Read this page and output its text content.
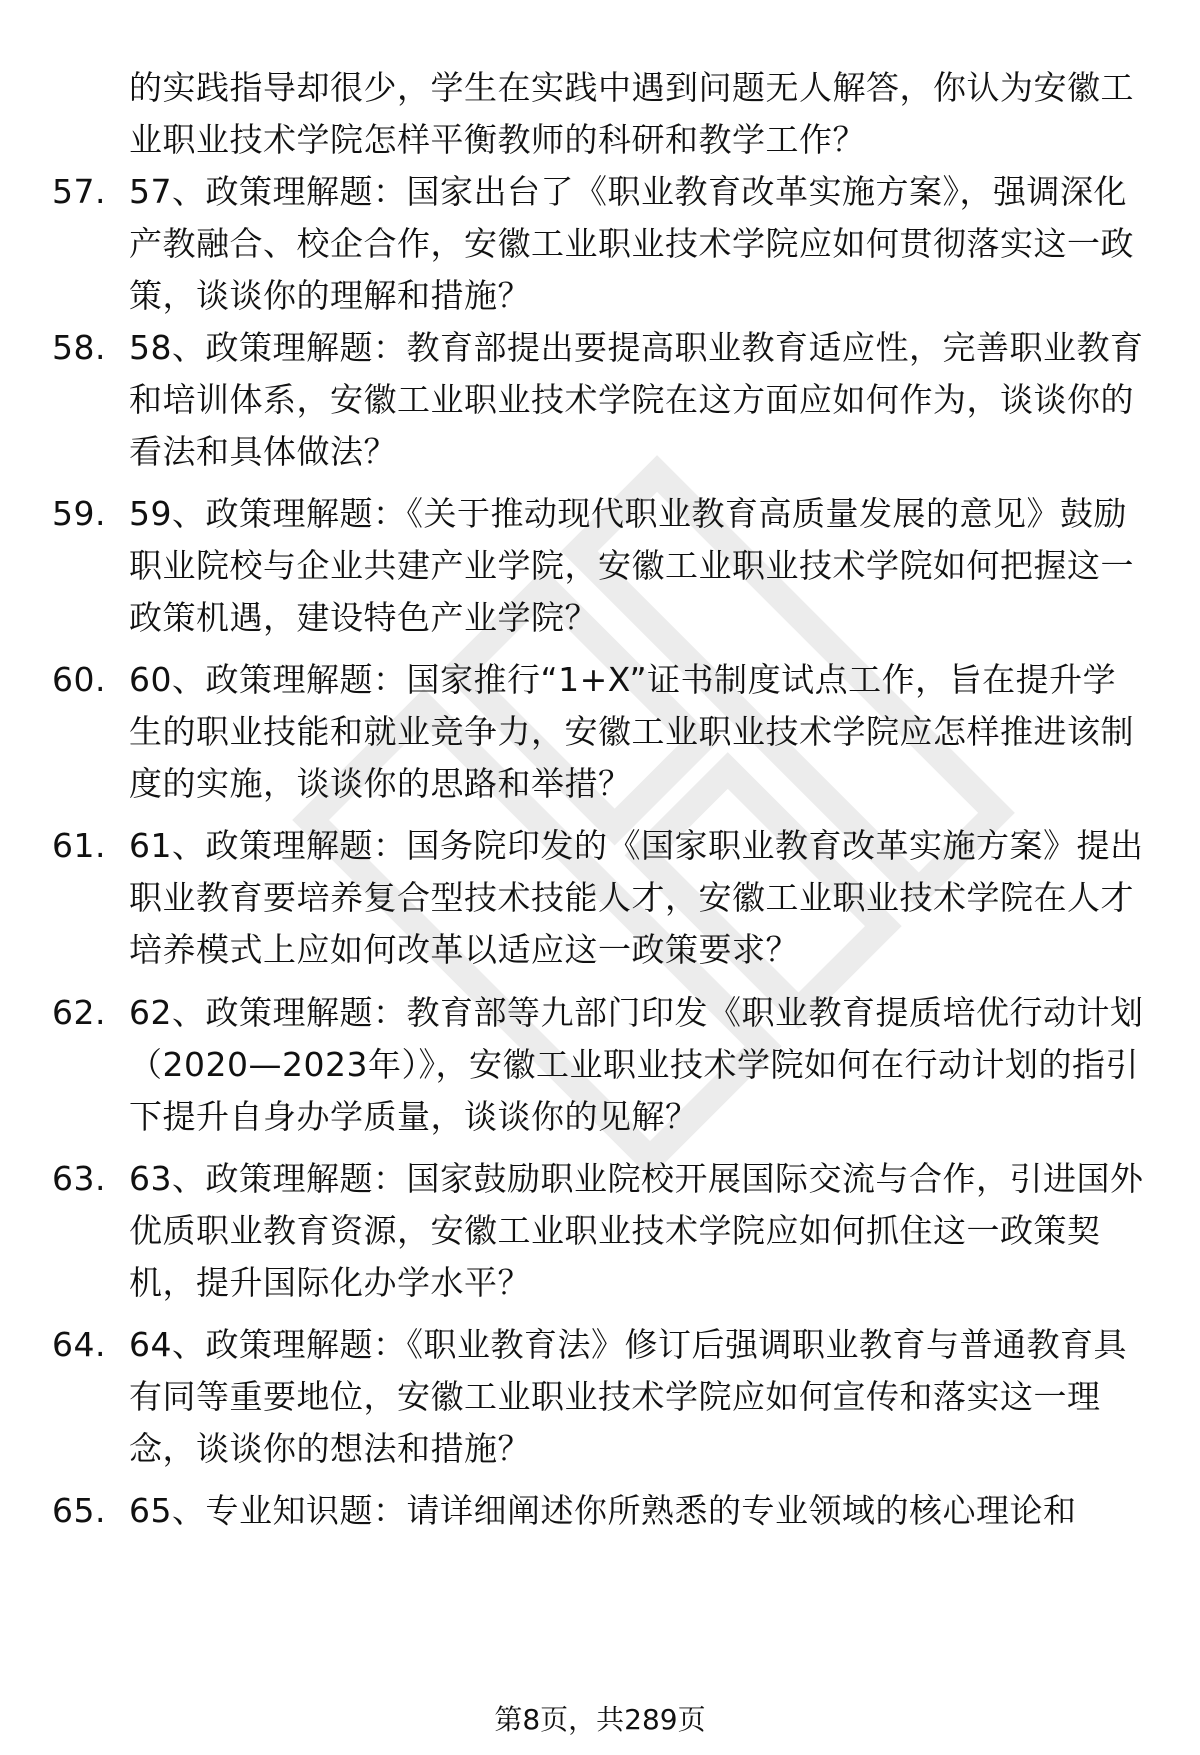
的实践指导却很少，学生在实践中遇到问题无人解答，你认为安徽工业职业技术学院怎样平衡教师的科研和教学工作？
57. 57、政策理解题：国家出台了《职业教育改革实施方案》，强调深化产教融合、校企合作，安徽工业职业技术学院应如何贯彻落实这一政策，谈谈你的理解和措施？
58. 58、政策理解题：教育部提出要提高职业教育适应性，完善职业教育和培训体系，安徽工业职业技术学院在这方面应如何作为，谈谈你的看法和具体做法？
59. 59、政策理解题：《关于推动现代职业教育高质量发展的意见》鼓励职业院校与企业共建产业学院，安徽工业职业技术学院如何把握这一政策机遇，建设特色产业学院？
60. 60、政策理解题：国家推行“1+X”证书制度试点工作，旨在提升学生的职业技能和就业竞争力，安徽工业职业技术学院应怎样推进该制度的实施，谈谈你的思路和举措？
61. 61、政策理解题：国务院印发的《国家职业教育改革实施方案》提出职业教育要培养复合型技术技能人才，安徽工业职业技术学院在人才培养模式上应如何改革以适应这一政策要求？
62. 62、政策理解题：教育部等九部门印发《职业教育提质培优行动计划（2020—2023年）》，安徽工业职业技术学院如何在行动计划的指引下提升自身办学质量，谈谈你的见解？
63. 63、政策理解题：国家鼓励职业院校开展国际交流与合作，引进国外优质职业教育资源，安徽工业职业技术学院应如何抓住这一政策契机，提升国际化办学水平？
64. 64、政策理解题：《职业教育法》修订后强调职业教育与普通教育具有同等重要地位，安徽工业职业技术学院应如何宣传和落实这一理念，谈谈你的想法和措施？
65. 65、专业知识题：请详细阐述你所熟悉的专业领域的核心理论和
第8页，共289页
